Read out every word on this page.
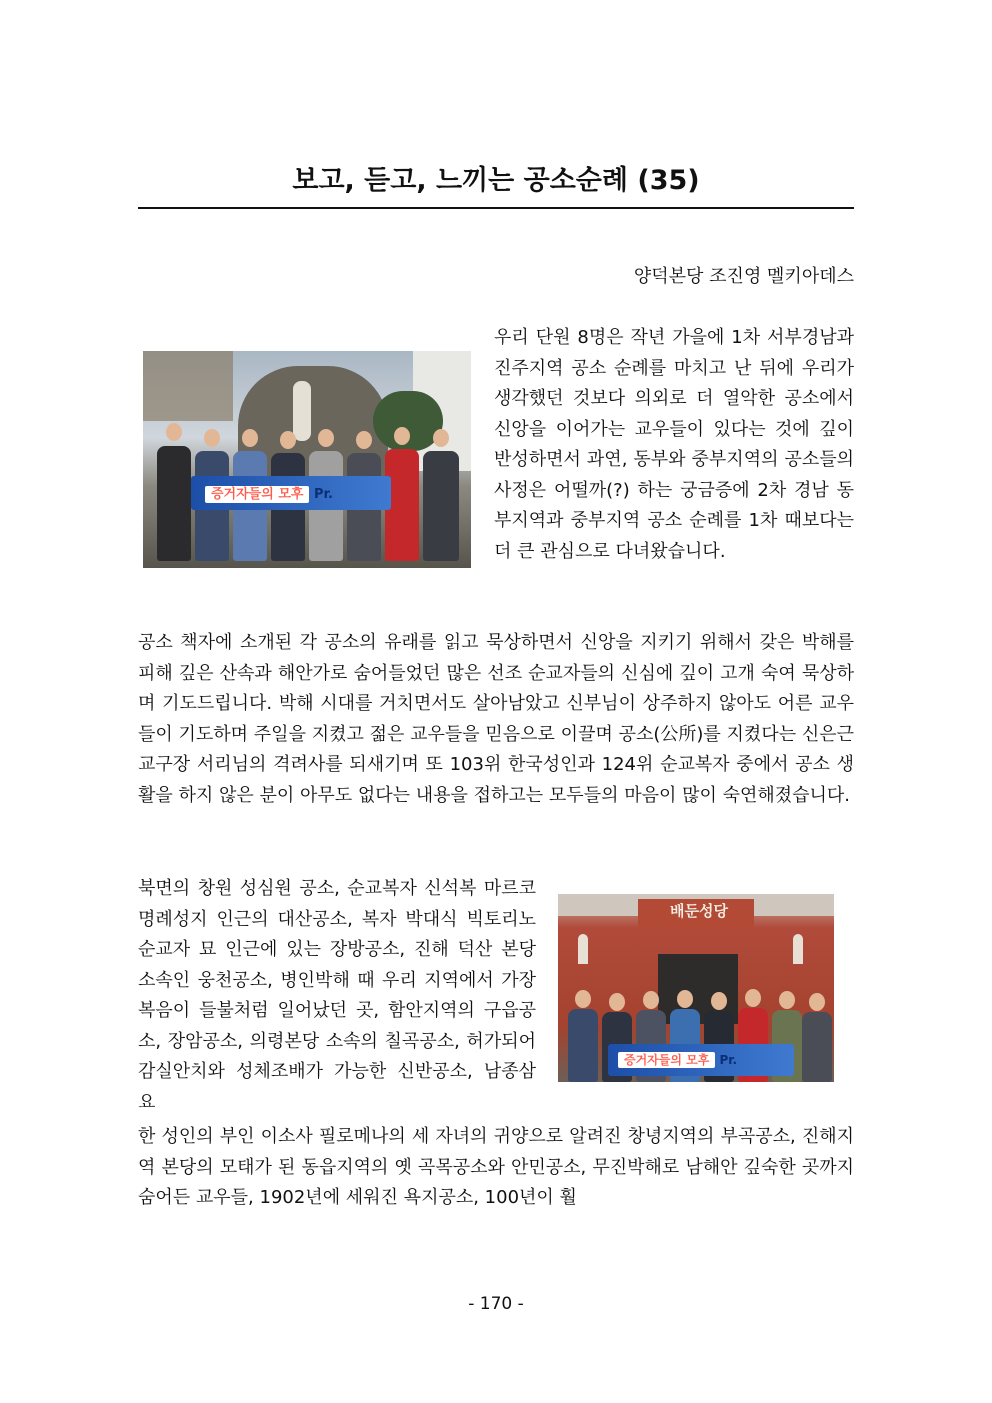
보고, 듣고, 느끼는 공소순례 (35)
양덕본당 조진영 멜키아데스
증거자들의 모후 Pr.

우리 단원 8명은 작년 가을에 1차 서부경남과 진주지역 공소 순례를 마치고 난 뒤에 우리가 생각했던 것보다 의외로 더 열악한 공소에서 신앙을 이어가는 교우들이 있다는 것에 깊이 반성하면서 과연, 동부와 중부지역의 공소들의 사정은 어떨까(?) 하는 궁금증에 2차 경남 동부지역과 중부지역 공소 순례를 1차 때보다는 더 큰 관심으로 다녀왔습니다.

공소 책자에 소개된 각 공소의 유래를 읽고 묵상하면서 신앙을 지키기 위해서 갖은 박해를 피해 깊은 산속과 해안가로 숨어들었던 많은 선조 순교자들의 신심에 깊이 고개 숙여 묵상하며 기도드립니다. 박해 시대를 거치면서도 살아남았고 신부님이 상주하지 않아도 어른 교우들이 기도하며 주일을 지켰고 젊은 교우들을 믿음으로 이끌며 공소(公所)를 지켰다는 신은근 교구장 서리님의 격려사를 되새기며 또 103위 한국성인과 124위 순교복자 중에서 공소 생활을 하지 않은 분이 아무도 없다는 내용을 접하고는 모두들의 마음이 많이 숙연해졌습니다.

배둔성당
증거자들의 모후 Pr.

북면의 창원 성심원 공소, 순교복자 신석복 마르코 명례성지 인근의 대산공소, 복자 박대식 빅토리노 순교자 묘 인근에 있는 장방공소, 진해 덕산 본당 소속인 웅천공소, 병인박해 때 우리 지역에서 가장 복음이 들불처럼 일어났던 곳, 함안지역의 구읍공소, 장암공소, 의령본당 소속의 칠곡공소, 허가되어 감실안치와 성체조배가 가능한 신반공소, 남종삼 요

한 성인의 부인 이소사 필로메나의 세 자녀의 귀양으로 알려진 창녕지역의 부곡공소, 진해지역 본당의 모태가 된 동읍지역의 옛 곡목공소와 안민공소, 무진박해로 남해안 깊숙한 곳까지 숨어든 교우들, 1902년에 세워진 욕지공소, 100년이 훨

- 170 -
